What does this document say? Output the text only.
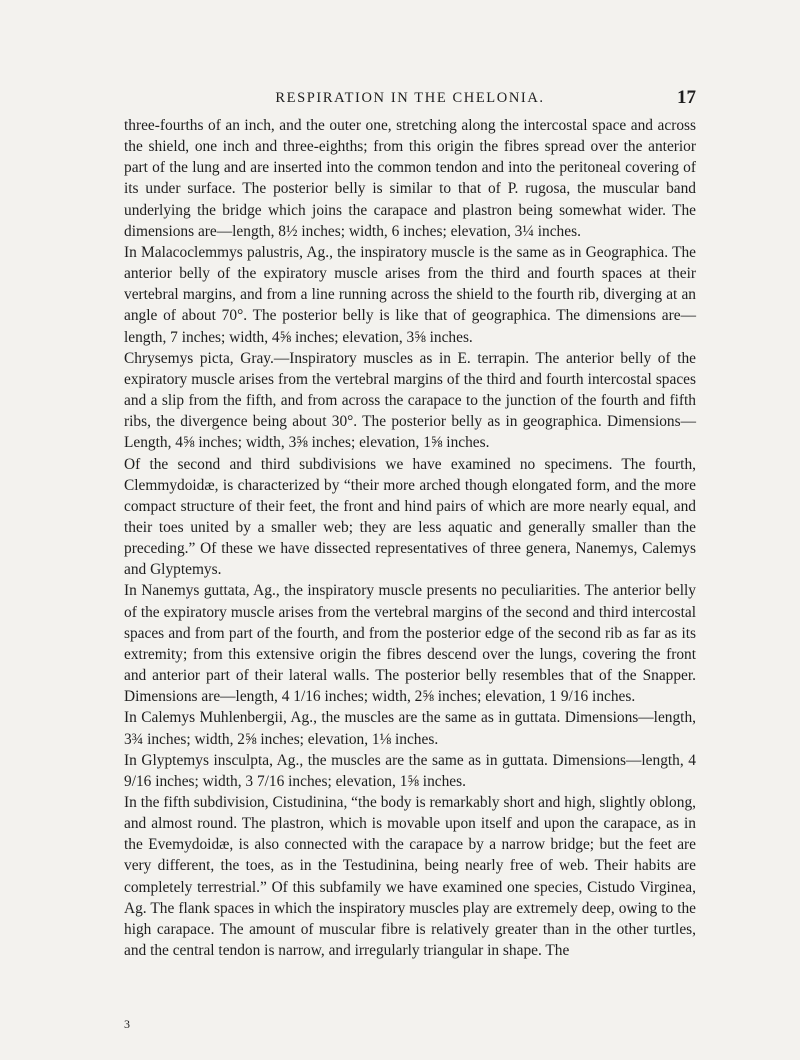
RESPIRATION IN THE CHELONIA.	17

three-fourths of an inch, and the outer one, stretching along the intercostal space and across the shield, one inch and three-eighths; from this origin the fibres spread over the anterior part of the lung and are inserted into the common tendon and into the peritoneal covering of its under surface. The posterior belly is similar to that of P. rugosa, the muscular band underlying the bridge which joins the carapace and plastron being somewhat wider. The dimensions are—length, 8½ inches; width, 6 inches; elevation, 3¼ inches.

In Malacoclemmys palustris, Ag., the inspiratory muscle is the same as in Geographica. The anterior belly of the expiratory muscle arises from the third and fourth spaces at their vertebral margins, and from a line running across the shield to the fourth rib, diverging at an angle of about 70°. The posterior belly is like that of geographica. The dimensions are—length, 7 inches; width, 4⅝ inches; elevation, 3⅝ inches.

Chrysemys picta, Gray.—Inspiratory muscles as in E. terrapin. The anterior belly of the expiratory muscle arises from the vertebral margins of the third and fourth intercostal spaces and a slip from the fifth, and from across the carapace to the junction of the fourth and fifth ribs, the divergence being about 30°. The posterior belly as in geographica. Dimensions—Length, 4⅝ inches; width, 3⅝ inches; elevation, 1⅝ inches.

Of the second and third subdivisions we have examined no specimens. The fourth, Clemmydoidæ, is characterized by “their more arched though elongated form, and the more compact structure of their feet, the front and hind pairs of which are more nearly equal, and their toes united by a smaller web; they are less aquatic and generally smaller than the preceding.” Of these we have dissected representatives of three genera, Nanemys, Calemys and Glyptemys.

In Nanemys guttata, Ag., the inspiratory muscle presents no peculiarities. The anterior belly of the expiratory muscle arises from the vertebral margins of the second and third intercostal spaces and from part of the fourth, and from the posterior edge of the second rib as far as its extremity; from this extensive origin the fibres descend over the lungs, covering the front and anterior part of their lateral walls. The posterior belly resembles that of the Snapper. Dimensions are—length, 4 1/16 inches; width, 2⅝ inches; elevation, 1 9/16 inches.

In Calemys Muhlenbergii, Ag., the muscles are the same as in guttata. Dimensions—length, 3¾ inches; width, 2⅝ inches; elevation, 1⅛ inches.

In Glyptemys insculpta, Ag., the muscles are the same as in guttata. Dimensions—length, 4 9/16 inches; width, 3 7/16 inches; elevation, 1⅝ inches.

In the fifth subdivision, Cistudinina, “the body is remarkably short and high, slightly oblong, and almost round. The plastron, which is movable upon itself and upon the carapace, as in the Evemydoidæ, is also connected with the carapace by a narrow bridge; but the feet are very different, the toes, as in the Testudinina, being nearly free of web. Their habits are completely terrestrial.” Of this subfamily we have examined one species, Cistudo Virginea, Ag. The flank spaces in which the inspiratory muscles play are extremely deep, owing to the high carapace. The amount of muscular fibre is relatively greater than in the other turtles, and the central tendon is narrow, and irregularly triangular in shape. The

3
